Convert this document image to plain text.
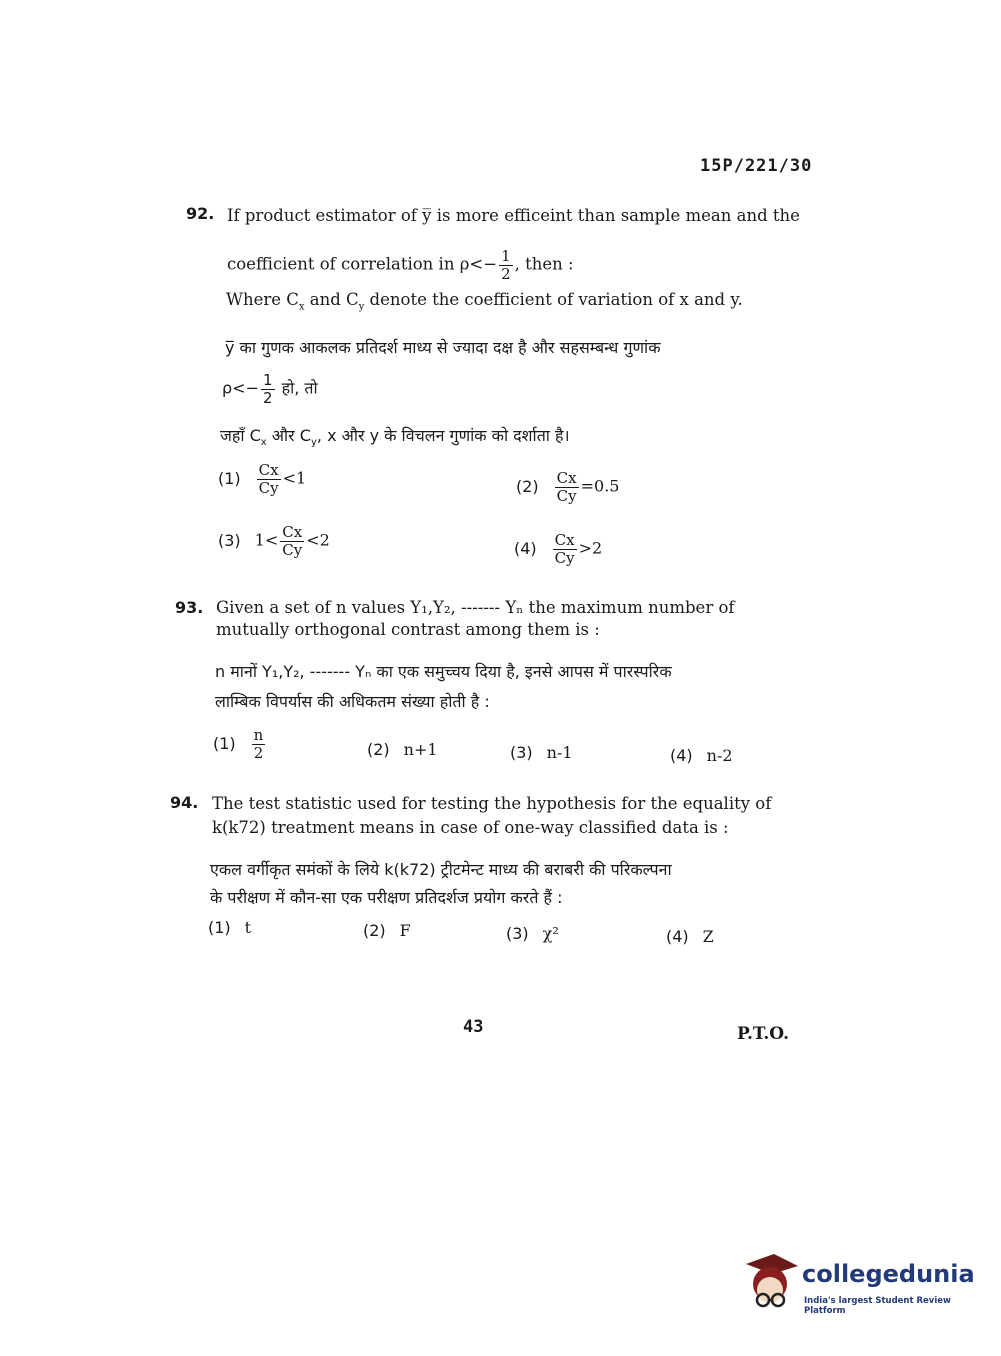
15P/221/30
92. If product estimator of y̅ is more efficeint than sample mean and the
coefficient of correlation in $\rho<- \frac{1}{2}$ , then :
Where $C_x$ and $C_y$ denote the coefficient of variation of x and y.
y̅ का गुणक आकलक प्रतिदर्श माध्य से ज्यादा दक्ष है और सहसम्बन्ध गुणांक
$\rho<- \frac{1}{2}$ हो, तो
जहाँ $C_x$ और $C_y$, x और y के विचलन गुणांक को दर्शाता है।
$(1) \frac{Cx}{Cy} <1$	$(2) \frac{Cx}{Cy} =0.5$
(3) $1< \frac{Cx}{Cy} <2$	$(4) \frac{Cx}{Cy} >2$
93. Given a set of n values Y₁,Y₂, ------- Yₙ the maximum number of
mutually orthogonal contrast among them is :
n मानों Y₁,Y₂, ------- Yₙ का एक समुच्चय दिया है, इनसे आपस में पारस्परिक
लाम्बिक विपर्यास की अधिकतम संख्या होती है :
$(1) \frac{n}{2}$	(2) n+1	(3) n-1	(4) n-2
94. The test statistic used for testing the hypothesis for the equality of
k(k72) treatment means in case of one-way classified data is :
एकल वर्गीकृत समंकों के लिये k(k72) ट्रीटमेन्ट माध्य की बराबरी की परिकल्पना
के परीक्षण में कौन-सा एक परीक्षण प्रतिदर्शज प्रयोग करते हैं :
(1) t	(2) F	(3) χ²	(4) Z
43	P.T.O.
collegedunia
India's largest Student Review Platform
